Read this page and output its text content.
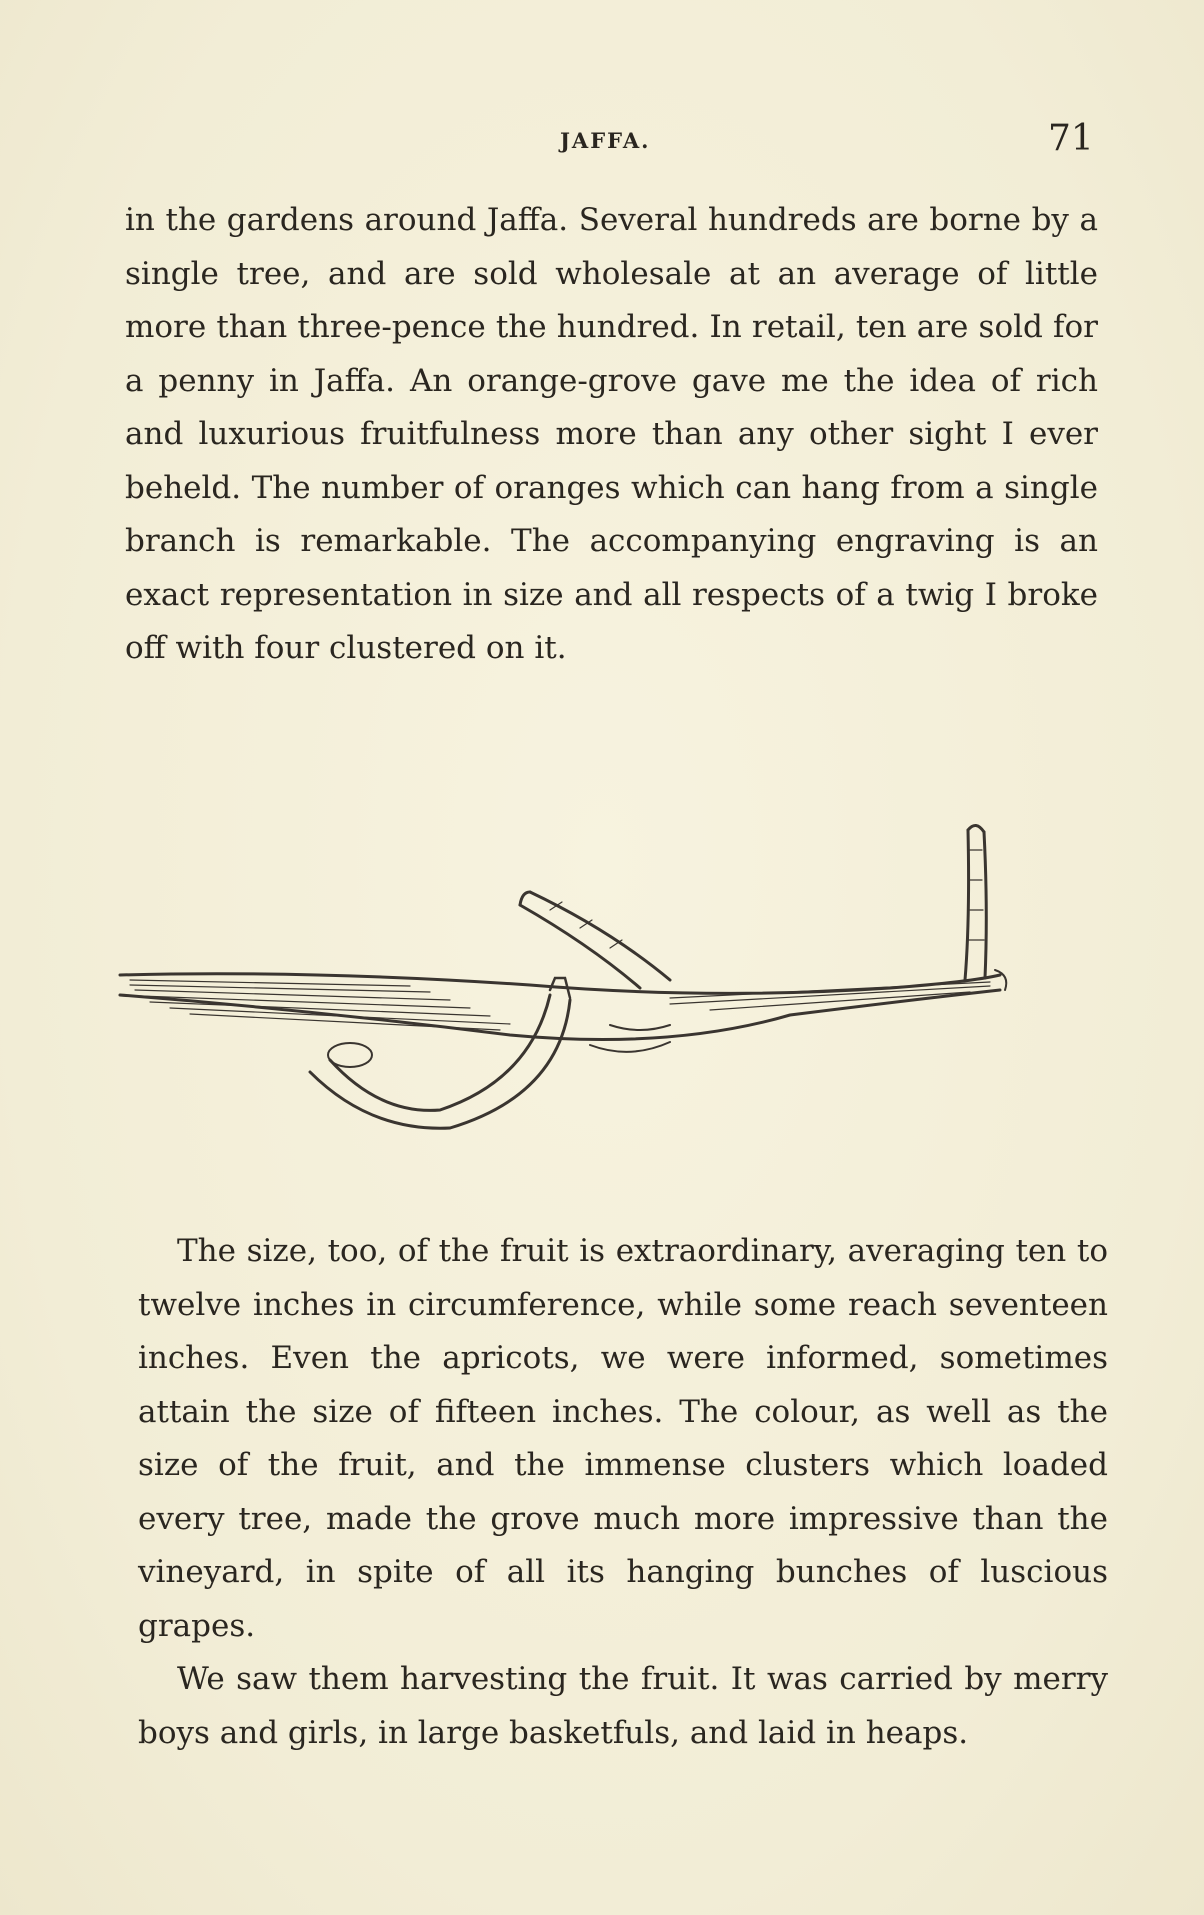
JAFFA.	71

in the gardens around Jaffa. Several hundreds are borne by a single tree, and are sold wholesale at an average of little more than three-pence the hundred. In retail, ten are sold for a penny in Jaffa. An orange-grove gave me the idea of rich and luxurious fruitfulness more than any other sight I ever beheld. The number of oranges which can hang from a single branch is remarkable. The accompanying engraving is an exact representation in size and all respects of a twig I broke off with four clustered on it.

The size, too, of the fruit is extraordinary, averaging ten to twelve inches in circumference, while some reach seventeen inches. Even the apricots, we were informed, sometimes attain the size of fifteen inches. The colour, as well as the size of the fruit, and the immense clusters which loaded every tree, made the grove much more impressive than the vineyard, in spite of all its hanging bunches of luscious grapes.

We saw them harvesting the fruit. It was carried by merry boys and girls, in large basketfuls, and laid in heaps.
